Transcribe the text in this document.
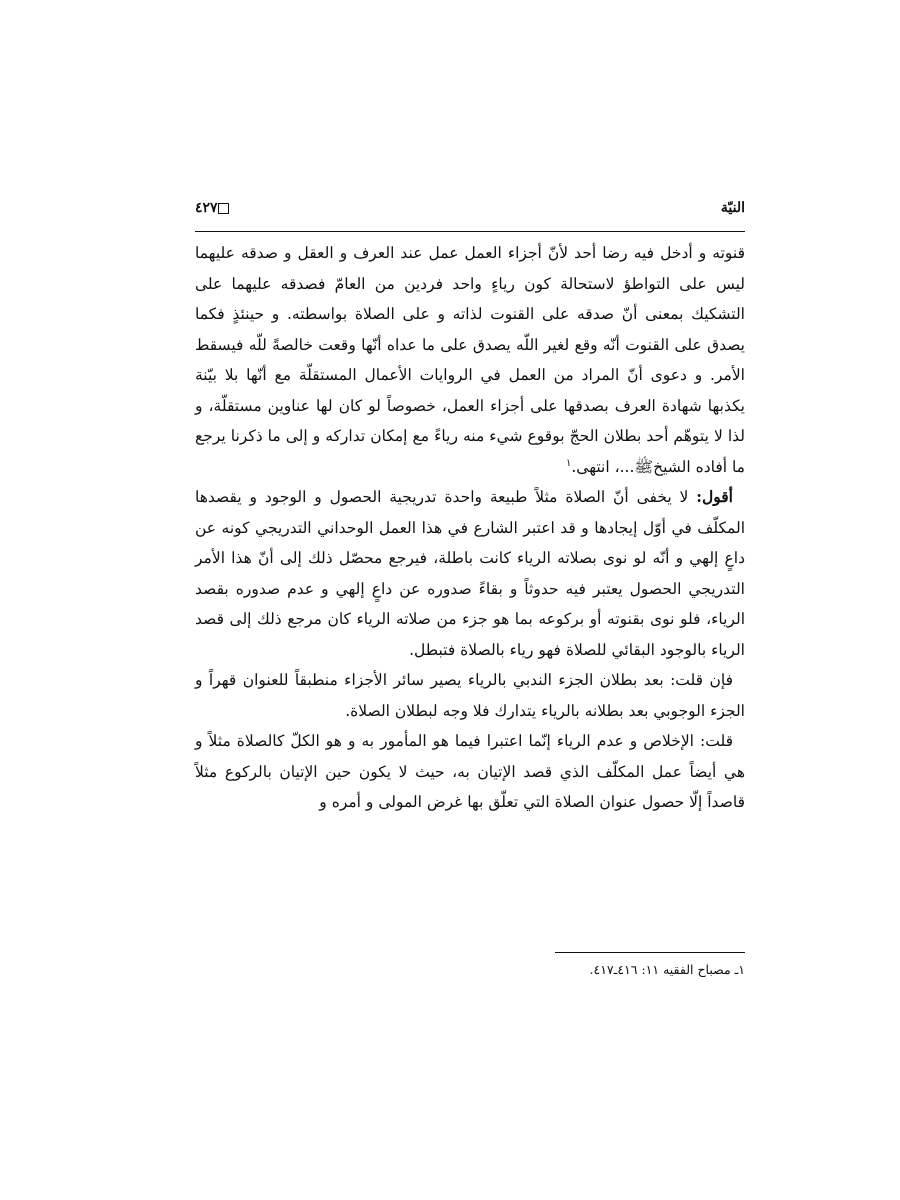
النيّة
٤٢٧

قنوته و أدخل فيه رضا أحد لأنّ أجزاء العمل عمل عند العرف و العقل و صدقه عليهما ليس على التواطؤ لاستحالة كون رياءٍ واحد فردين من العامّ فصدقه عليهما على التشكيك بمعنى أنّ صدقه على القنوت لذاته و على الصلاة بواسطته. و حينئذٍ فكما يصدق على القنوت أنّه وقع لغير اللّه يصدق على ما عداه أنّها وقعت خالصةً للّه فيسقط الأمر. و دعوى أنّ المراد من العمل في الروايات الأعمال المستقلّة مع أنّها بلا بيّنة يكذبها شهادة العرف بصدقها على أجزاء العمل، خصوصاً لو كان لها عناوين مستقلّة، و لذا لا يتوهّم أحد بطلان الحجّ بوقوع شيء منه رياءً مع إمكان تداركه و إلى ما ذكرنا يرجع ما أفاده الشيخﷺ...، انتهى.$^١$

أقول: لا يخفى أنّ الصلاة مثلاً طبيعة واحدة تدريجية الحصول و الوجود و يقصدها المكلّف في أوّل إيجادها و قد اعتبر الشارع في هذا العمل الوحداني التدريجي كونه عن داعٍ إلهي و أنّه لو نوى بصلاته الرياء كانت باطلة، فيرجع محصّل ذلك إلى أنّ هذا الأمر التدريجي الحصول يعتبر فيه حدوثاً و بقاءً صدوره عن داعٍ إلهي و عدم صدوره بقصد الرياء، فلو نوى بقنوته أو بركوعه بما هو جزء من صلاته الرياء كان مرجع ذلك إلى قصد الرياء بالوجود البقائي للصلاة فهو رياء بالصلاة فتبطل.

فإن قلت: بعد بطلان الجزء الندبي بالرياء يصير سائر الأجزاء منطبقاً للعنوان قهراً و الجزء الوجوبي بعد بطلانه بالرياء يتدارك فلا وجه لبطلان الصلاة.

قلت: الإخلاص و عدم الرياء إنّما اعتبرا فيما هو المأمور به و هو الكلّ كالصلاة مثلاً و هي أيضاً عمل المكلّف الذي قصد الإتيان به، حيث لا يكون حين الإتيان بالركوع مثلاً قاصداً إلّا حصول عنوان الصلاة التي تعلّق بها غرض المولى و أمره و

١ـ مصباح الفقيه ١١: ٤١٦ـ٤١٧.
